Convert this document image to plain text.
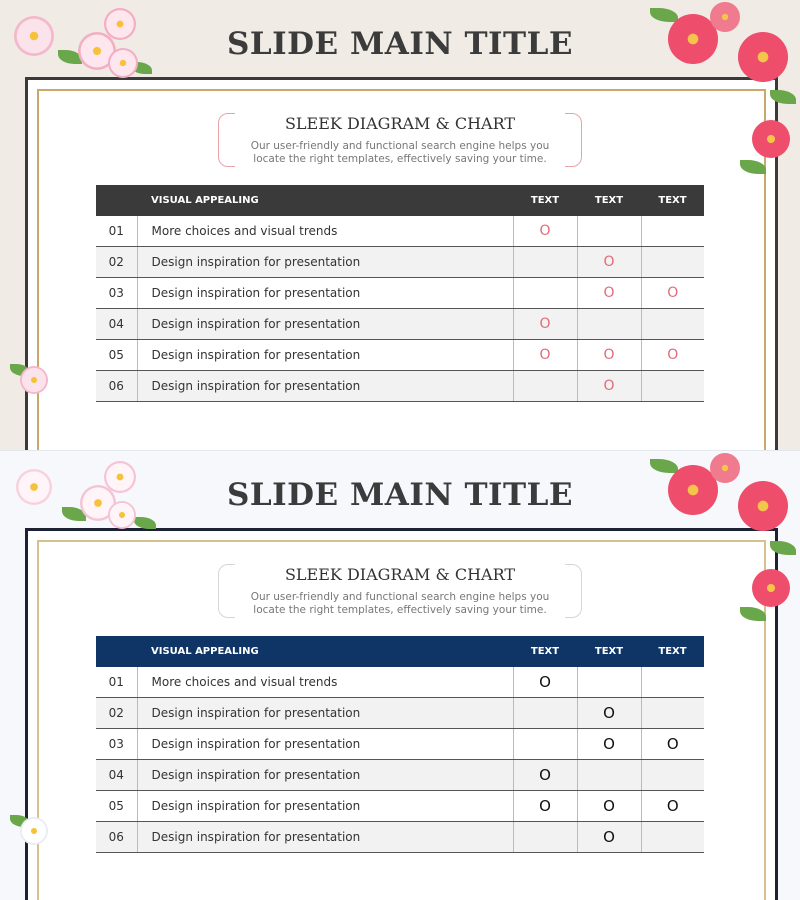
SLIDE MAIN TITLE
SLEEK DIAGRAM & CHART
Our user-friendly and functional search engine helps you
locate the right templates, effectively saving your time.
	VISUAL APPEALING	TEXT	TEXT	TEXT
01	More choices and visual trends	O		
02	Design inspiration for presentation		O	
03	Design inspiration for presentation		O	O
04	Design inspiration for presentation	O		
05	Design inspiration for presentation	O	O	O
06	Design inspiration for presentation		O	
SLIDE MAIN TITLE
SLEEK DIAGRAM & CHART
Our user-friendly and functional search engine helps you
locate the right templates, effectively saving your time.
	VISUAL APPEALING	TEXT	TEXT	TEXT
01	More choices and visual trends	O		
02	Design inspiration for presentation		O	
03	Design inspiration for presentation		O	O
04	Design inspiration for presentation	O		
05	Design inspiration for presentation	O	O	O
06	Design inspiration for presentation		O	
